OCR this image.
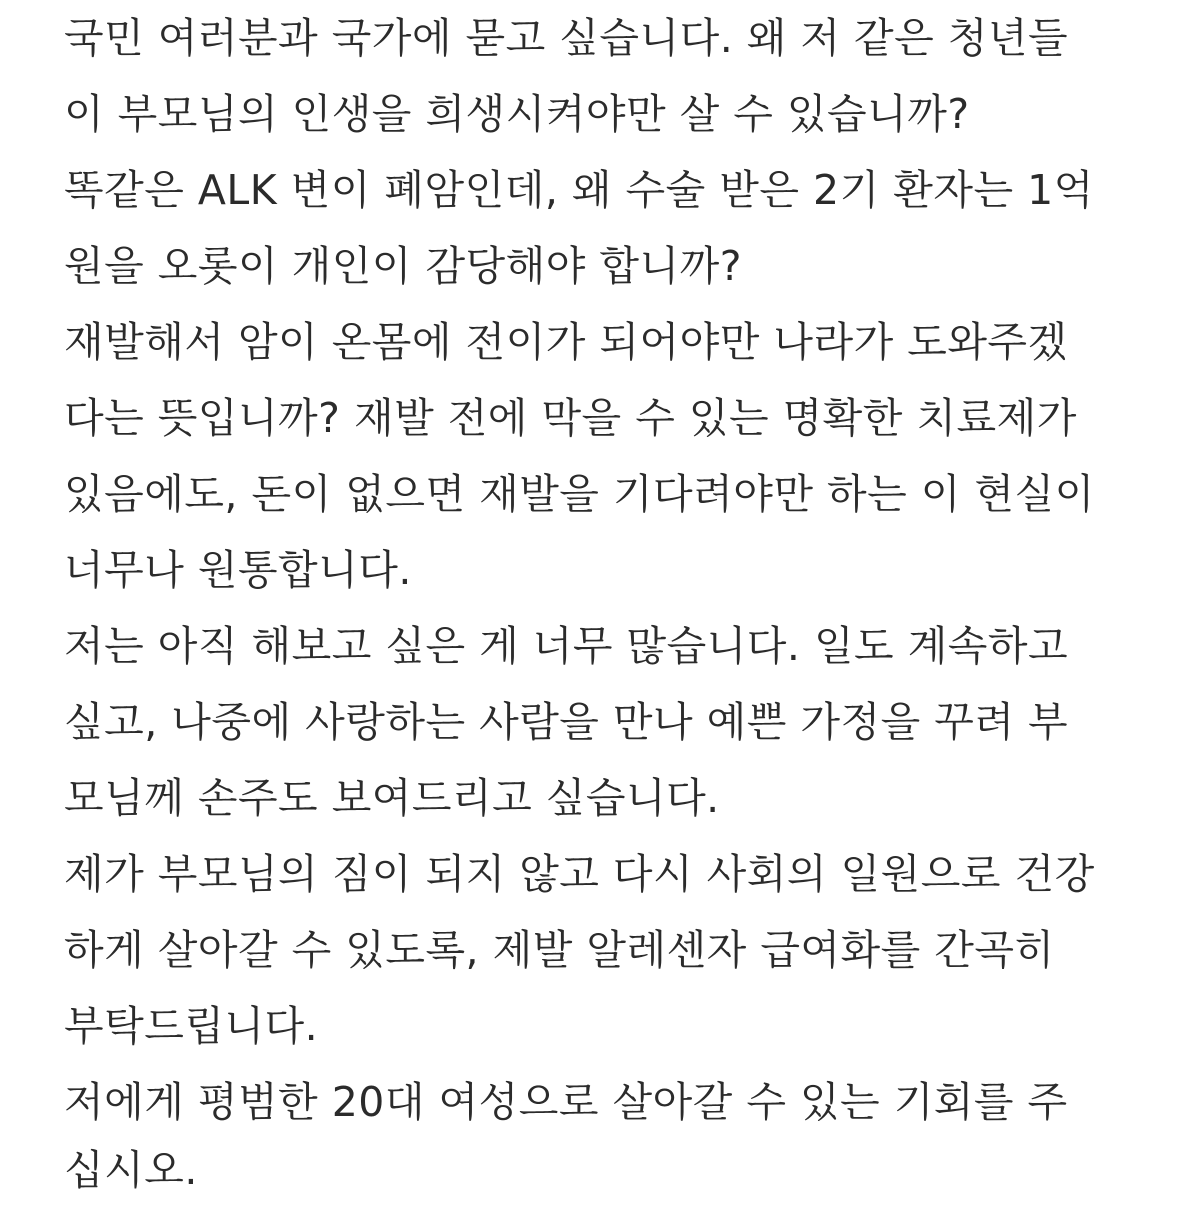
국민 여러분과 국가에 묻고 싶습니다. 왜 저 같은 청년들
이 부모님의 인생을 희생시켜야만 살 수 있습니까?
똑같은 ALK 변이 폐암인데, 왜 수술 받은 2기 환자는 1억
원을 오롯이 개인이 감당해야 합니까?
재발해서 암이 온몸에 전이가 되어야만 나라가 도와주겠
다는 뜻입니까? 재발 전에 막을 수 있는 명확한 치료제가
있음에도, 돈이 없으면 재발을 기다려야만 하는 이 현실이
너무나 원통합니다.
저는 아직 해보고 싶은 게 너무 많습니다. 일도 계속하고
싶고, 나중에 사랑하는 사람을 만나 예쁜 가정을 꾸려 부
모님께 손주도 보여드리고 싶습니다.
제가 부모님의 짐이 되지 않고 다시 사회의 일원으로 건강
하게 살아갈 수 있도록, 제발 알레센자 급여화를 간곡히
부탁드립니다.
저에게 평범한 20대 여성으로 살아갈 수 있는 기회를 주
십시오.
